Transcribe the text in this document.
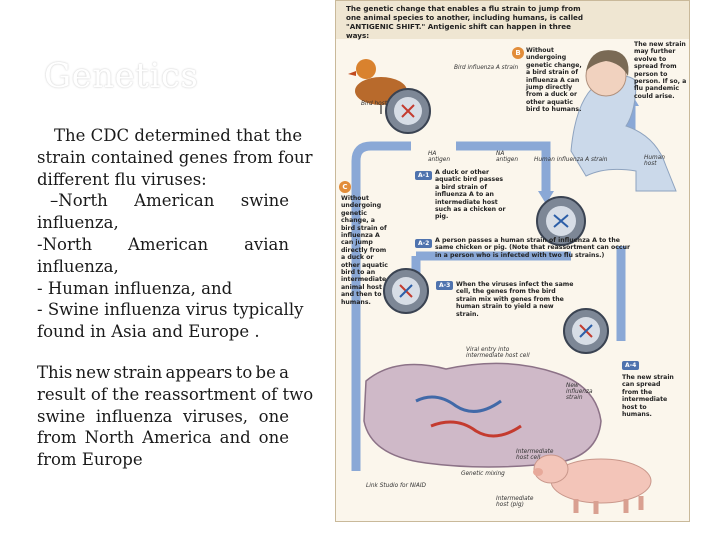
Genetics
The CDC determined that the
strain contained genes from four
different flu viruses:
–North American swine
influenza,
-North American avian
influenza,
- Human influenza, and
- Swine influenza virus typically
found in Asia and Europe .
This new strain appears to be a
result of the reassortment of two
swine influenza viruses, one
from North America and one
from Europe
The genetic change that enables a flu strain to jump from one animal species to another, including humans, is called "ANTIGENIC SHIFT." Antigenic shift can happen in three ways:
Bird host
Bird influenza A strain
Human influenza A strain	Human host
HA antigen
NA antigen
B Without undergoing genetic change, a bird strain of influenza A can jump directly from a duck or other aquatic bird to humans.
The new strain may further evolve to spread from person to person. If so, a flu pandemic could arise.
C
Without undergoing genetic change, a bird strain of influenza A can jump directly from a duck or other aquatic bird to an intermediate animal host and then to humans.
A-1 A duck or other aquatic bird passes a bird strain of influenza A to an intermediate host such as a chicken or pig.
A-2 A person passes a human strain of influenza A to the same chicken or pig. (Note that reassortment can occur in a person who is infected with two flu strains.)
A-3 When the viruses infect the same cell, the genes from the bird strain mix with genes from the human strain to yield a new strain.
Viral entry into intermediate host cell
New influenza strain
A-4
The new strain can spread from the intermediate host to humans.
Genetic mixing
Intermediate host cell
Intermediate host (pig)
Link Studio for NIAID
